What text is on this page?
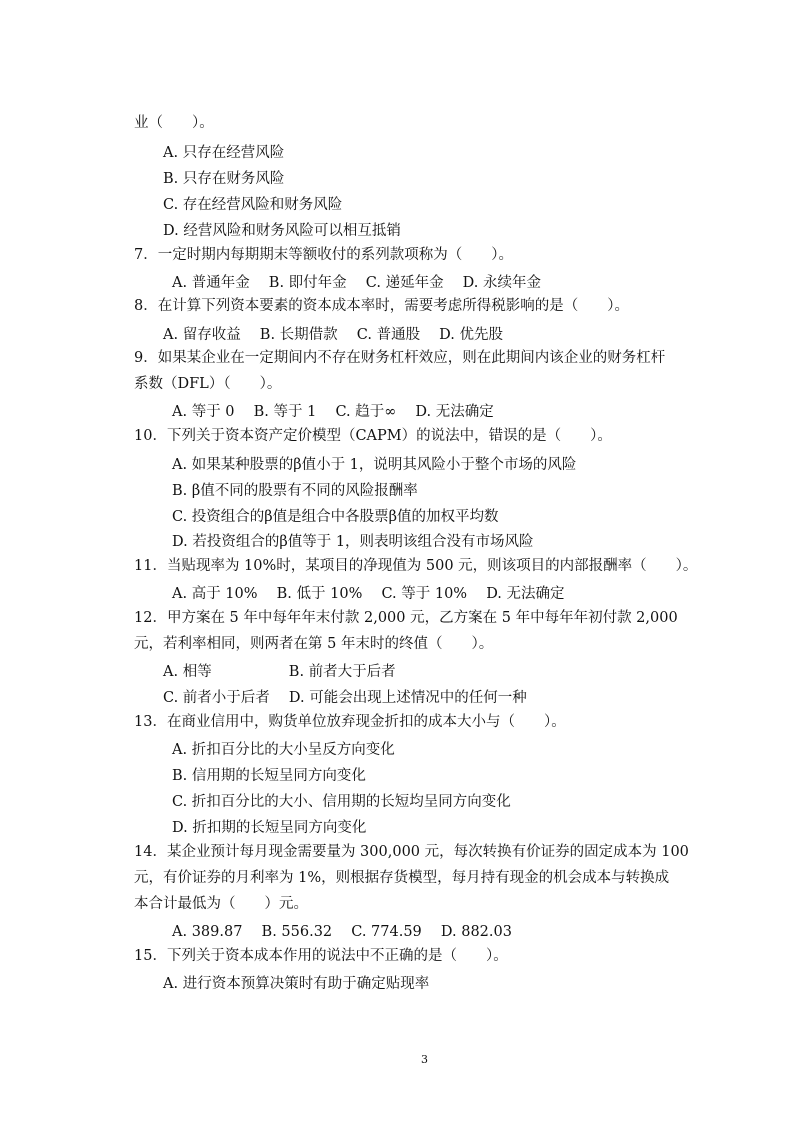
业（　　）。
A. 只存在经营风险
B. 只存在财务风险
C. 存在经营风险和财务风险
D. 经营风险和财务风险可以相互抵销
7．一定时期内每期期末等额收付的系列款项称为（　　）。
A. 普通年金　 B. 即付年金　 C. 递延年金　 D. 永续年金
8．在计算下列资本要素的资本成本率时，需要考虑所得税影响的是（　　）。
A. 留存收益　 B. 长期借款　 C. 普通股　 D. 优先股
9．如果某企业在一定期间内不存在财务杠杆效应，则在此期间内该企业的财务杠杆
系数（DFL）（　　）。
A. 等于 0　 B. 等于 1　 C. 趋于∞　 D. 无法确定
10．下列关于资本资产定价模型（CAPM）的说法中，错误的是（　　）。
A. 如果某种股票的β值小于 1，说明其风险小于整个市场的风险
B. β值不同的股票有不同的风险报酬率
C. 投资组合的β值是组合中各股票β值的加权平均数
D. 若投资组合的β值等于 1，则表明该组合没有市场风险
11．当贴现率为 10%时，某项目的净现值为 500 元，则该项目的内部报酬率（　　）。
A. 高于 10%　 B. 低于 10%　 C. 等于 10%　 D. 无法确定
12．甲方案在 5 年中每年年末付款 2,000 元，乙方案在 5 年中每年年初付款 2,000
元，若利率相同，则两者在第 5 年末时的终值（　　）。
A. 相等　　　　　 B. 前者大于后者
C. 前者小于后者　 D. 可能会出现上述情况中的任何一种
13．在商业信用中，购货单位放弃现金折扣的成本大小与（　　）。
A. 折扣百分比的大小呈反方向变化
B. 信用期的长短呈同方向变化
C. 折扣百分比的大小、信用期的长短均呈同方向变化
D. 折扣期的长短呈同方向变化
14．某企业预计每月现金需要量为 300,000 元，每次转换有价证券的固定成本为 100
元，有价证券的月利率为 1%，则根据存货模型，每月持有现金的机会成本与转换成
本合计最低为（　　）元。
A. 389.87　 B. 556.32　 C. 774.59　 D. 882.03
15．下列关于资本成本作用的说法中不正确的是（　　）。
A. 进行资本预算决策时有助于确定贴现率
3
